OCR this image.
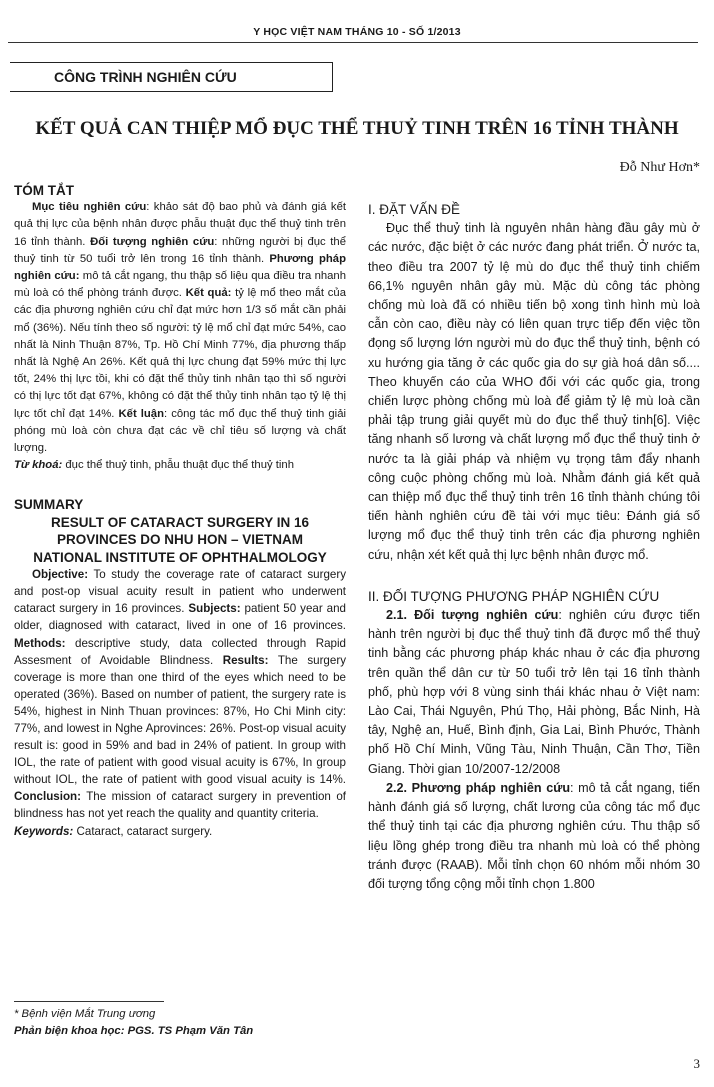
Y HỌC VIỆT NAM THÁNG 10 - SỐ 1/2013
CÔNG TRÌNH NGHIÊN CỨU
KẾT QUẢ CAN THIỆP MỔ ĐỤC THỂ THUỶ TINH TRÊN 16 TỈNH THÀNH
Đỗ Như Hơn*
TÓM TẮT

Mục tiêu nghiên cứu: khảo sát độ bao phủ và đánh giá kết quả thị lực của bệnh nhân được phẫu thuật đục thể thuỷ tinh trên 16 tỉnh thành. Đối tượng nghiên cứu: những người bị đục thể thuỷ tinh từ 50 tuổi trở lên trong 16 tỉnh thành. Phương pháp nghiên cứu: mô tả cắt ngang, thu thập số liệu qua điều tra nhanh mù loà có thể phòng tránh được. Kết quả: tỷ lệ mổ theo mắt của các địa phương nghiên cứu chỉ đạt mức hơn 1/3 số mắt cần phải mổ (36%). Nếu tính theo số người: tỷ lệ mổ chỉ đạt mức 54%, cao nhất là Ninh Thuận 87%, Tp. Hồ Chí Minh 77%, địa phương thấp nhất là Nghệ An 26%. Kết quả thị lực chung đạt 59% mức thị lực tốt, 24% thị lực tồi, khi có đặt thể thủy tinh nhân tạo thì số người có thị lực tốt đạt 67%, không có đặt thể thủy tinh nhân tạo tỷ lệ thị lực tốt chỉ đạt 14%. Kết luận: công tác mổ đục thể thuỷ tinh giải phóng mù loà còn chưa đạt các về chỉ tiêu số lượng và chất lượng.

Từ khoá: đục thể thuỷ tinh, phẫu thuật đục thể thuỷ tinh

SUMMARY
RESULT OF CATARACT SURGERY IN 16 PROVINCES DO NHU HON – VIETNAM NATIONAL INSTITUTE OF OPHTHALMOLOGY

Objective: To study the coverage rate of cataract surgery and post-op visual acuity result in patient who underwent cataract surgery in 16 provinces. Subjects: patient 50 year and older, diagnosed with cataract, lived in one of 16 provinces. Methods: descriptive study, data collected through Rapid Assesment of Avoidable Blindness. Results: The surgery coverage is more than one third of the eyes which need to be operated (36%). Based on number of patient, the surgery rate is 54%, highest in Ninh Thuan provinces: 87%, Ho Chi Minh city: 77%, and lowest in Nghe Aprovinces: 26%. Post-op visual acuity result is: good in 59% and bad in 24% of patient. In group with IOL, the rate of patient with good visual acuity is 67%, In group without IOL, the rate of patient with good visual acuity is 14%. Conclusion: The mission of cataract surgery in prevention of blindness has not yet reach the quality and quantity criteria.

Keywords: Cataract, cataract surgery.

* Bệnh viện Mắt Trung ương
Phản biện khoa học: PGS. TS Phạm Văn Tân
I. ĐẶT VẤN ĐỀ

Đục thể thuỷ tinh là nguyên nhân hàng đầu gây mù ở các nước, đặc biệt ở các nước đang phát triển. Ở nước ta, theo điều tra 2007 tỷ lệ mù do đục thể thuỷ tinh chiếm 66,1% nguyên nhân gây mù. Mặc dù công tác phòng chống mù loà đã có nhiều tiến bộ xong tình hình mù loà cẫn còn cao, điều này có liên quan trực tiếp đến việc tồn đọng số lượng lớn người mù do đục thể thuỷ tinh, bệnh có xu hướng gia tăng ở các quốc gia do sự già hoá dân số.... Theo khuyến cáo của WHO đối với các quốc gia, trong chiến lược phòng chống mù loà để giảm tỷ lệ mù loà cần phải tập trung giải quyết mù do đục thể thuỷ tinh[6]. Việc tăng nhanh số lương và chất lượng mổ đục thể thuỷ tinh ở nước ta là giải pháp và nhiệm vụ trọng tâm đẩy nhanh công cuộc phòng chống mù loà. Nhằm đánh giá kết quả can thiệp mổ đục thể thuỷ tinh trên 16 tỉnh thành chúng tôi tiến hành nghiên cứu đề tài với mục tiêu: Đánh giá số lượng mổ đục thể thuỷ tinh trên các địa phương nghiên cứu, nhận xét kết quả thị lực bệnh nhân được mổ.

II. ĐỐI TƯỢNG PHƯƠNG PHÁP NGHIÊN CỨU

2.1. Đối tượng nghiên cứu: nghiên cứu được tiến hành trên người bị đục thể thuỷ tinh đã được mổ thể thuỷ tinh bằng các phương pháp khác nhau ở các địa phương trên quần thể dân cư từ 50 tuổi trở lên tại 16 tỉnh thành phố, phù hợp với 8 vùng sinh thái khác nhau ở Việt nam: Lào Cai, Thái Nguyên, Phú Thọ, Hải phòng, Bắc Ninh, Hà tây, Nghệ an, Huế, Bình định, Gia Lai, Bình Phước, Thành phố Hồ Chí Minh, Vũng Tàu, Ninh Thuận, Cần Thơ, Tiền Giang. Thời gian 10/2007-12/2008

2.2. Phương pháp nghiên cứu: mô tả cắt ngang, tiến hành đánh giá số lượng, chất lương của công tác mổ đục thể thuỷ tinh tại các địa phương nghiên cứu. Thu thập số liệu lồng ghép trong điều tra nhanh mù loà có thể phòng tránh được (RAAB). Mỗi tỉnh chọn 60 nhóm mỗi nhóm 30 đối tượng tổng cộng mỗi tỉnh chọn 1.800

3
